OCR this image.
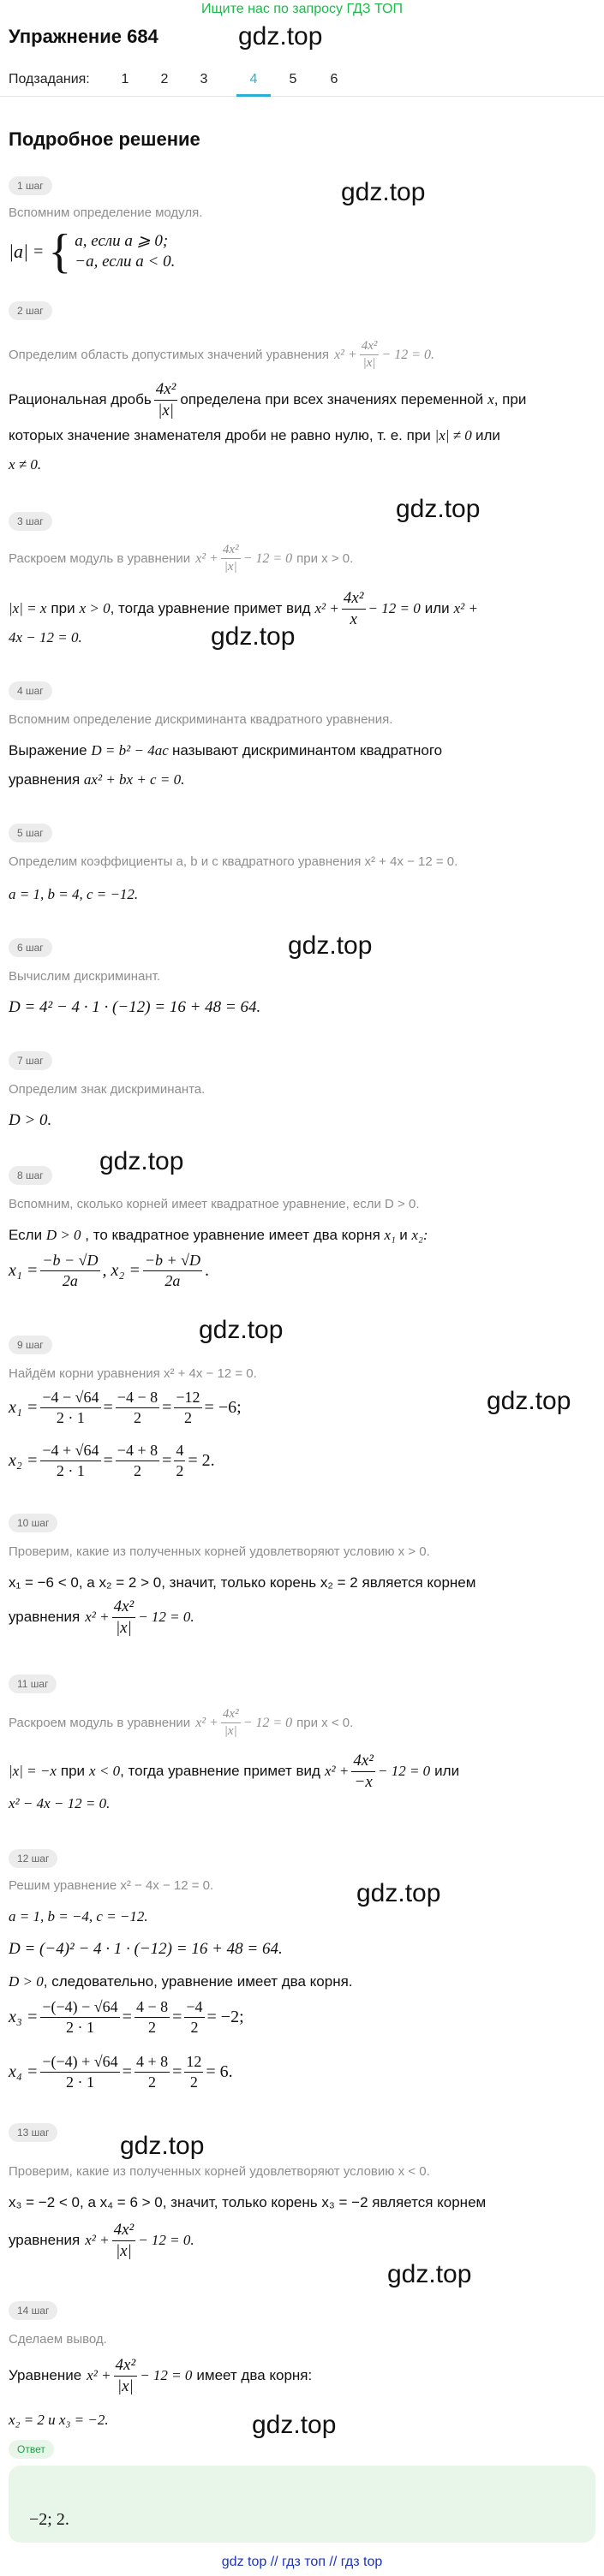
Ищите нас по запросу ГДЗ ТОП
Упражнение 684	gdz.top
Подзадания:	1	2	3	4	5	6
Подробное решение
gdz.top
gdz.top
gdz.top
gdz.top
gdz.top
gdz.top
gdz.top
gdz.top
gdz.top
gdz.top
gdz.top
1 шаг
Вспомним определение модуля.
|a| = { a, если a ⩾ 0;
−a, если a < 0.
2 шаг
Определим область допустимых значений уравнения $x^2 + \frac{\text{4x²}}{|x|} - 12 = 0$.
Рациональная дробь $\frac{\text{4x²}}{|x|}$ определена при всех значениях переменной x , при
которых значение знаменателя дроби не равно нулю, т. е. при |x| ≠ 0 или
x ≠ 0.
3 шаг
Раскроем модуль в уравнении $x^2 + \frac{\text{4x²}}{|x|} - 12 = 0$ при x > 0.
|x| = x при x > 0 , тогда уравнение примет вид $x^2 + \frac{\text{4x²}}{x} - 12 = 0$ или x² +
4x − 12 = 0.
4 шаг
Вспомним определение дискриминанта квадратного уравнения.
Выражение D = b² − 4ac называют дискриминантом квадратного
уравнения ax² + bx + c = 0.
5 шаг
Определим коэффициенты a, b и c квадратного уравнения x² + 4x − 12 = 0.
a = 1, b = 4, c = −12.
6 шаг
Вычислим дискриминант.
D = 4² − 4 · 1 · (−12) = 16 + 48 = 64.
7 шаг
Определим знак дискриминанта.
D > 0.
8 шаг
Вспомним, сколько корней имеет квадратное уравнение, если D > 0.
Если D > 0 , то квадратное уравнение имеет два корня x₁ и x₂:
$x_1 = \frac{-b - √D}{2a}$ , $x_2 = \frac{-b + √D}{2a}$ .
9 шаг
Найдём корни уравнения x² + 4x − 12 = 0.
$x_1 = \frac{-4 - √64}{2 \cdot 1} = \frac{-4 - 8}{2} = \frac{-12}{2} = -6$;
$x_2 = \frac{-4 + √64}{2 \cdot 1} = \frac{-4 + 8}{2} = \frac{4}{2} = 2$.
10 шаг
Проверим, какие из полученных корней удовлетворяют условию x > 0.
x₁ = −6 < 0, а x₂ = 2 > 0, значит, только корень x₂ = 2 является корнем
уравнения $x^2 + \frac{\text{4x²}}{|x|} - 12 = 0$.
11 шаг
Раскроем модуль в уравнении $x^2 + \frac{\text{4x²}}{|x|} - 12 = 0$ при x < 0.
|x| = −x при x < 0 , тогда уравнение примет вид $x^2 + \frac{\text{4x²}}{-x} - 12 = 0$ или
x² − 4x − 12 = 0.
12 шаг
Решим уравнение x² − 4x − 12 = 0.
a = 1, b = −4, c = −12.
D = (−4)² − 4 · 1 · (−12) = 16 + 48 = 64.
D > 0, следовательно, уравнение имеет два корня.
$x_3 = \frac{-(-4) - √64}{2 \cdot 1} = \frac{4 - 8}{2} = \frac{-4}{2} = -2$;
$x_4 = \frac{-(-4) + √64}{2 \cdot 1} = \frac{4 + 8}{2} = \frac{12}{2} = 6$.
13 шаг
Проверим, какие из полученных корней удовлетворяют условию x < 0.
x₃ = −2 < 0, а x₄ = 6 > 0, значит, только корень x₃ = −2 является корнем
уравнения $x^2 + \frac{\text{4x²}}{|x|} - 12 = 0$.
14 шаг
Сделаем вывод.
Уравнение $x^2 + \frac{\text{4x²}}{|x|} - 12 = 0$ имеет два корня:
x₂ = 2 и x₃ = −2.
Ответ
−2; 2.
gdz top // гдз топ // гдз top
